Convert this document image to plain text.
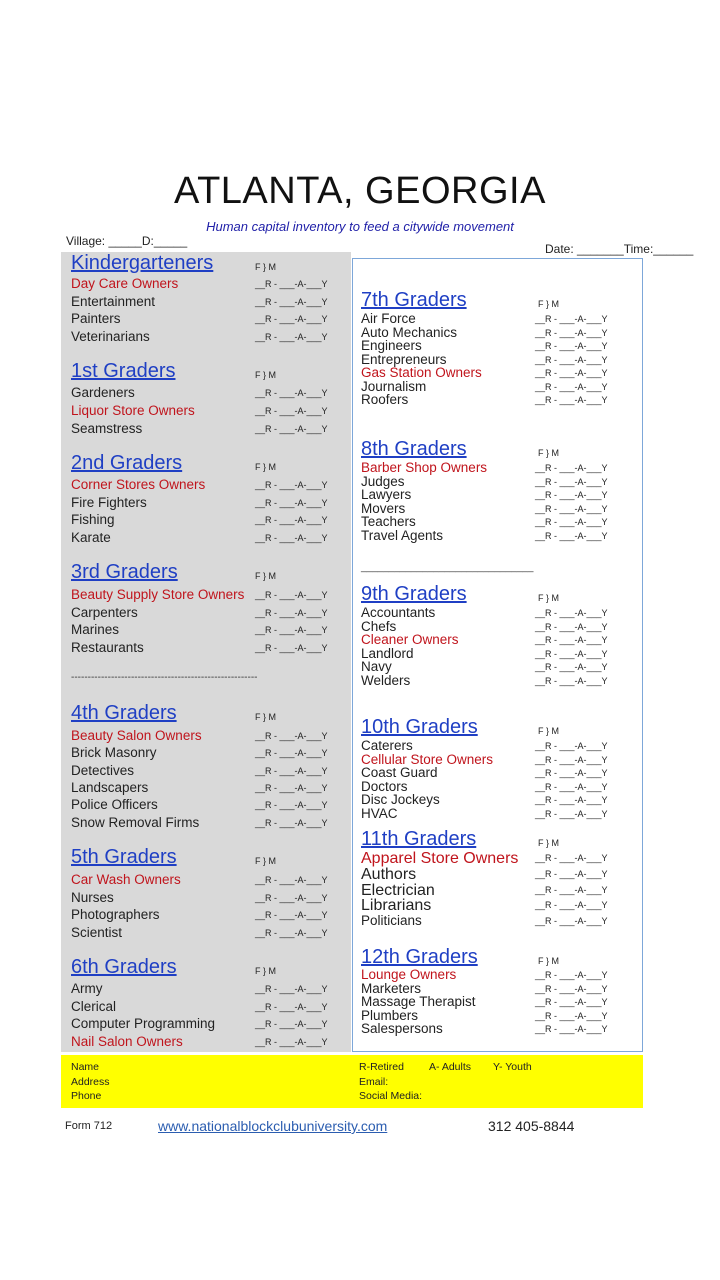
ATLANTA, GEORGIA
Human capital inventory to feed a citywide movement
Village: _____D:_____
Date: _______Time:______
Kindergarteners	F } M
Day Care Owners	__R - ___-A-___Y
Entertainment	__R - ___-A-___Y
Painters	__R - ___-A-___Y
Veterinarians	__R - ___-A-___Y
1st Graders	F } M
Gardeners	__R - ___-A-___Y
Liquor Store Owners	__R - ___-A-___Y
Seamstress	__R - ___-A-___Y
2nd Graders	F } M
Corner Stores Owners	__R - ___-A-___Y
Fire Fighters	__R - ___-A-___Y
Fishing	__R - ___-A-___Y
Karate	__R - ___-A-___Y
3rd Graders	F } M
Beauty Supply Store Owners __R - ___-A-___Y
Carpenters	__R - ___-A-___Y
Marines	__R - ___-A-___Y
Restaurants	__R - ___-A-___Y
4th Graders	F } M
Beauty Salon Owners	__R - ___-A-___Y
Brick Masonry	__R - ___-A-___Y
Detectives	__R - ___-A-___Y
Landscapers	__R - ___-A-___Y
Police Officers	__R - ___-A-___Y
Snow Removal Firms	__R - ___-A-___Y
5th Graders	F } M
Car Wash Owners	__R - ___-A-___Y
Nurses	__R - ___-A-___Y
Photographers	__R - ___-A-___Y
Scientist	__R - ___-A-___Y
6th Graders	F } M
Army	__R - ___-A-___Y
Clerical	__R - ___-A-___Y
Computer Programming	__R - ___-A-___Y
Nail Salon Owners	__R - ___-A-___Y
7th Graders	F } M
Air Force	__R - ___-A-___Y
Auto Mechanics	__R - ___-A-___Y
Engineers	__R - ___-A-___Y
Entrepreneurs	__R - ___-A-___Y
Gas Station Owners	__R - ___-A-___Y
Journalism	__R - ___-A-___Y
Roofers	__R - ___-A-___Y
8th Graders	F } M
Barber Shop Owners	__R - ___-A-___Y
Judges	__R - ___-A-___Y
Lawyers	__R - ___-A-___Y
Movers	__R - ___-A-___Y
Teachers	__R - ___-A-___Y
Travel Agents	__R - ___-A-___Y
9th Graders	F } M
Accountants	__R - ___-A-___Y
Chefs	__R - ___-A-___Y
Cleaner Owners	__R - ___-A-___Y
Landlord	__R - ___-A-___Y
Navy	__R - ___-A-___Y
Welders	__R - ___-A-___Y
10th Graders	F } M
Caterers	__R - ___-A-___Y
Cellular Store Owners	__R - ___-A-___Y
Coast Guard	__R - ___-A-___Y
Doctors	__R - ___-A-___Y
Disc Jockeys	__R - ___-A-___Y
HVAC	__R - ___-A-___Y
11th Graders	F } M
Apparel Store Owners __R - ___-A-___Y
Authors	__R - ___-A-___Y
Electrician	__R - ___-A-___Y
Librarians	__R - ___-A-___Y
Politicians	__R - ___-A-___Y
12th Graders	F } M
Lounge Owners	__R - ___-A-___Y
Marketers	__R - ___-A-___Y
Massage Therapist	__R - ___-A-___Y
Plumbers	__R - ___-A-___Y
Salespersons	__R - ___-A-___Y
--------------------------------------------------------
_______________________________
Name
Address
Phone
R-Retired A- Adults Y- Youth
Email:
Social Media:
Form 712	www.nationalblockclubuniversity.com	312 405-8844
